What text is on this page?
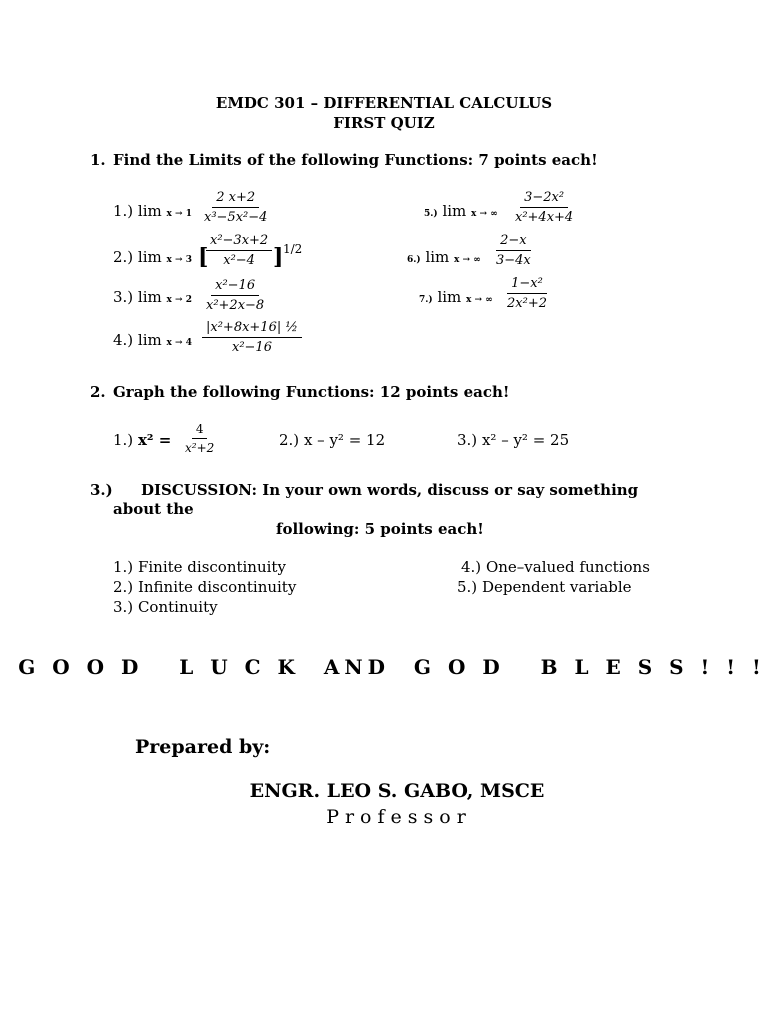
EMDC 301 – DIFFERENTIAL CALCULUS
FIRST QUIZ
1. Find the Limits of the following Functions: 7 points each!
1.) $\lim x \to 1 \frac{2 x+2}{\text{x³−5x²−4}}$
2.) lim x → 3 [
$\frac{\text{x²−3x+2}}{\text{x²−4}}$ ] 1/2
3.) $\lim x \to 2 \frac{\text{x²−16}}{\text{x²+2x−8}}$
4.) $\lim x \to 4 \frac{\text{|x²+8x+16| ½}}{\text{x²−16}}$
5.) lim x → ∞ $\frac{\text{3−2x²}}{\text{x²+4x+4}}$
6.) lim x → ∞ $\frac{2-x}{3-4x}$
7.) lim x → ∞ $\frac{\text{1−x²}}{\text{2x²+2}}$
2. Graph the following Functions: 12 points each!
1.) $x^2 = \frac{4}{\text{x²+2}}$	2.) x – y² = 12	3.) x² – y² = 25
3.) DISCUSSION: In your own words, discuss or say something
about the
following: 5 points each!
1.) Finite discontinuity
2.) Infinite discontinuity
3.) Continuity
4.) One–valued functions
5.) Dependent variable
G O O D   L U C K  AND  G O D   B L E S S ! ! !
Prepared by:
ENGR. LEO S. GABO, MSCE
Professor
